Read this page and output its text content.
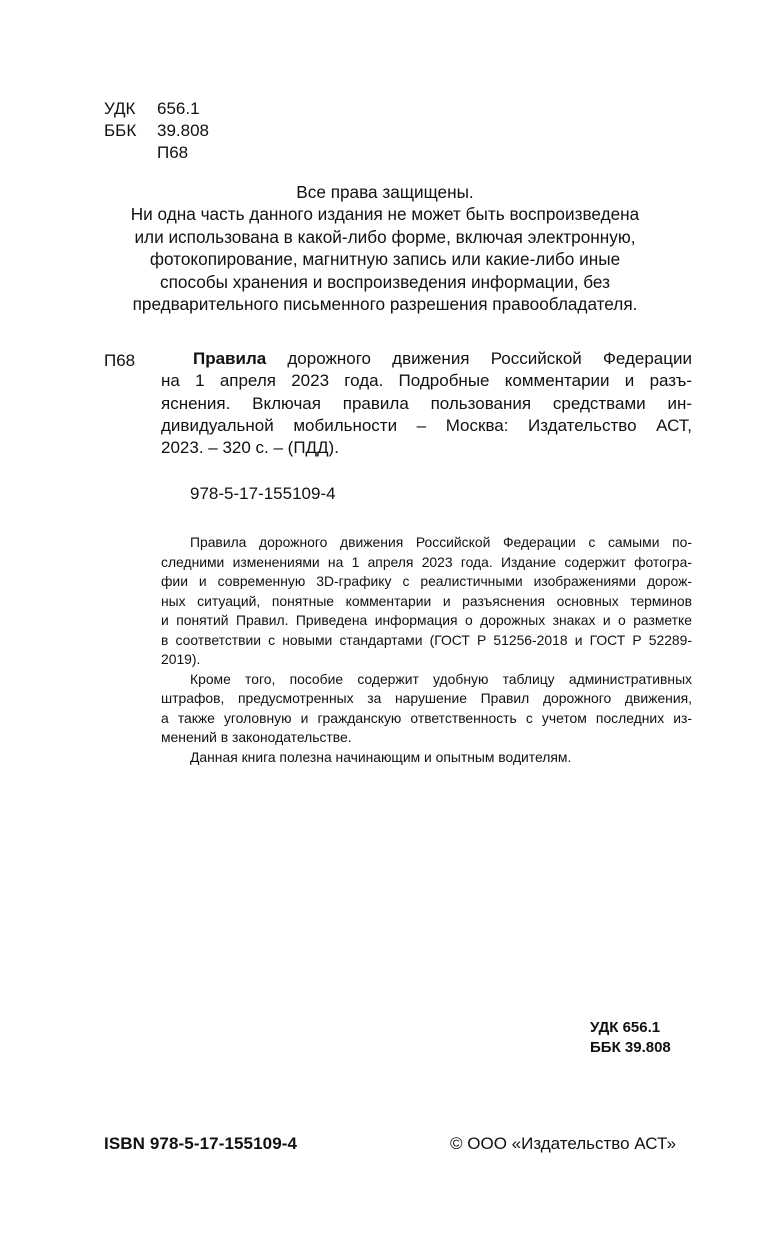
УДК	656.1
ББК	39.808
П68

Все права защищены.

Ни одна часть данного издания не может быть воспроизведена

или использована в какой-либо форме, включая электронную,

фотокопирование, магнитную запись или какие-либо иные

способы хранения и воспроизведения информации, без

предварительного письменного разрешения правообладателя.

П68	Правила дорожного движения Российской Федерации
на 1 апреля 2023 года. Подробные комментарии и разъ-
яснения. Включая правила пользования средствами ин-
дивидуальной мобильности – Москва: Издательство АСТ,
2023. – 320 с. – (ПДД).
978-5-17-155109-4
Правила дорожного движения Российской Федерации с самыми по-
следними изменениями на 1 апреля 2023 года. Издание содержит фотогра-
фии и современную 3D-графику с реалистичными изображениями дорож-
ных ситуаций, понятные комментарии и разъяснения основных терминов
и понятий Правил. Приведена информация о дорожных знаках и о разметке
в соответствии с новыми стандартами (ГОСТ Р 51256-2018 и ГОСТ Р 52289-
2019).
Кроме того, пособие содержит удобную таблицу административных
штрафов, предусмотренных за нарушение Правил дорожного движения,
а также уголовную и гражданскую ответственность с учетом последних из-
менений в законодательстве.
Данная книга полезна начинающим и опытным водителям.
УДК 656.1
ББК 39.808
ISBN 978-5-17-155109-4	© ООО «Издательство АСТ»
